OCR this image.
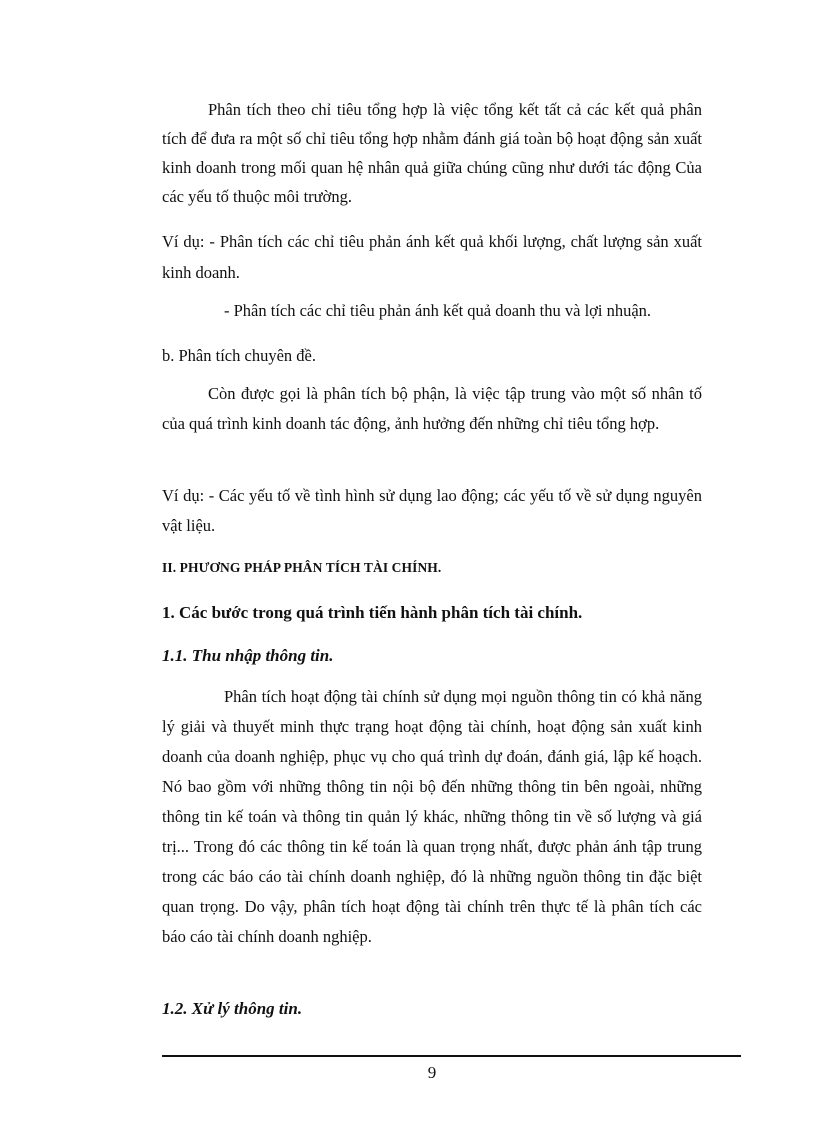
Phân tích theo chỉ tiêu tổng hợp là việc tổng kết tất cả các kết quả phân tích để đưa ra một số chỉ tiêu tổng hợp nhằm đánh giá toàn bộ hoạt động sản xuất kinh doanh trong mối quan hệ nhân quả giữa chúng cũng như dưới tác động Của các yếu tố thuộc môi trường.
Ví dụ: - Phân tích các chỉ tiêu phản ánh kết quả khối lượng, chất lượng sản xuất kinh doanh.
- Phân tích các chỉ tiêu phản ánh kết quả doanh thu và lợi nhuận.
b. Phân tích chuyên đề.
Còn được gọi là phân tích bộ phận, là việc tập trung vào một số nhân tố của quá trình kinh doanh tác động, ảnh hưởng đến những chỉ tiêu tổng hợp.
Ví dụ: - Các yếu tố về tình hình sử dụng lao động; các yếu tố về sử dụng nguyên vật liệu.
II. PHƯƠNG PHÁP PHÂN TÍCH TÀI CHÍNH.
1. Các bước trong quá trình tiến hành phân tích tài chính.
1.1. Thu nhập thông tin.
Phân tích hoạt động tài chính sử dụng mọi nguồn thông tin có khả năng lý giải và thuyết minh thực trạng hoạt động tài chính, hoạt động sản xuất kinh doanh của doanh nghiệp, phục vụ cho quá trình dự đoán, đánh giá, lập kế hoạch. Nó bao gồm với những thông tin nội bộ đến những thông tin bên ngoài, những thông tin kế toán và thông tin quản lý khác, những thông tin về số lượng và giá trị... Trong đó các thông tin kế toán là quan trọng nhất, được phản ánh tập trung trong các báo cáo tài chính doanh nghiệp, đó là những nguồn thông tin đặc biệt quan trọng. Do vậy, phân tích hoạt động tài chính trên thực tế là phân tích các báo cáo tài chính doanh nghiệp.
1.2. Xử lý thông tin.
9
